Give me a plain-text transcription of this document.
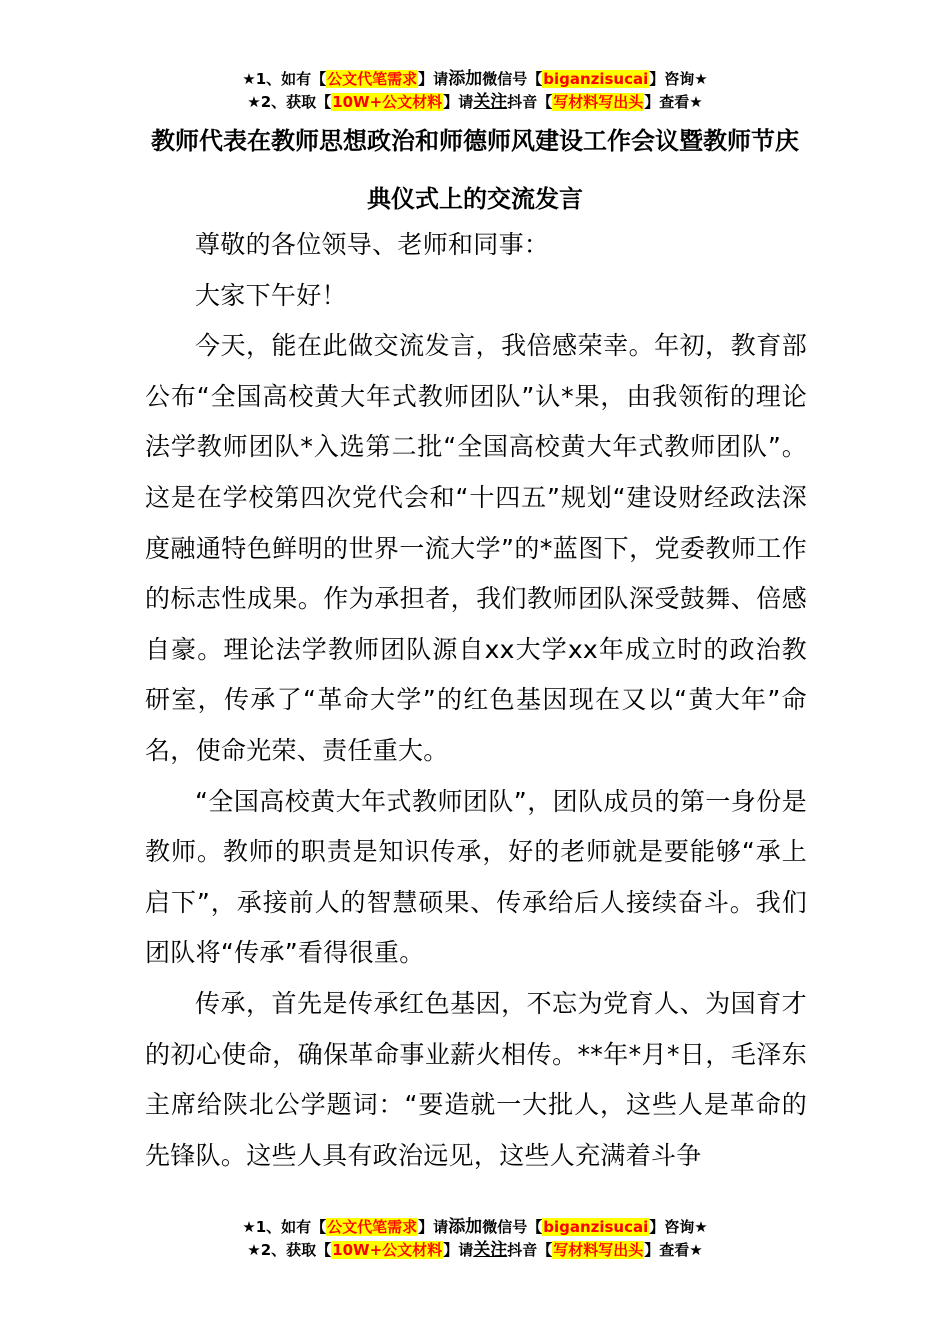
★1、如有【公文代笔需求】请添加微信号【biganzisucai】咨询★
★2、获取【10W+公文材料】请关注抖音【写材料写出头】查看★
教师代表在教师思想政治和师德师风建设工作会议暨教师节庆典仪式上的交流发言

尊敬的各位领导、老师和同事：

大家下午好！

今天，能在此做交流发言，我倍感荣幸。年初，教育部公布“全国高校黄大年式教师团队”认*果，由我领衔的理论法学教师团队*入选第二批“全国高校黄大年式教师团队”。这是在学校第四次党代会和“十四五”规划“建设财经政法深度融通特色鲜明的世界一流大学”的*蓝图下，党委教师工作的标志性成果。作为承担者，我们教师团队深受鼓舞、倍感自豪。理论法学教师团队源自xx大学xx年成立时的政治教研室，传承了“革命大学”的红色基因现在又以“黄大年”命名，使命光荣、责任重大。

“全国高校黄大年式教师团队”，团队成员的第一身份是教师。教师的职责是知识传承，好的老师就是要能够“承上启下”，承接前人的智慧硕果、传承给后人接续奋斗。我们团队将“传承”看得很重。

传承，首先是传承红色基因，不忘为党育人、为国育才的初心使命，确保革命事业薪火相传。**年*月*日，毛泽东主席给陕北公学题词：“要造就一大批人，这些人是革命的先锋队。这些人具有政治远见，这些人充满着斗争

★1、如有【公文代笔需求】请添加微信号【biganzisucai】咨询★
★2、获取【10W+公文材料】请关注抖音【写材料写出头】查看★
